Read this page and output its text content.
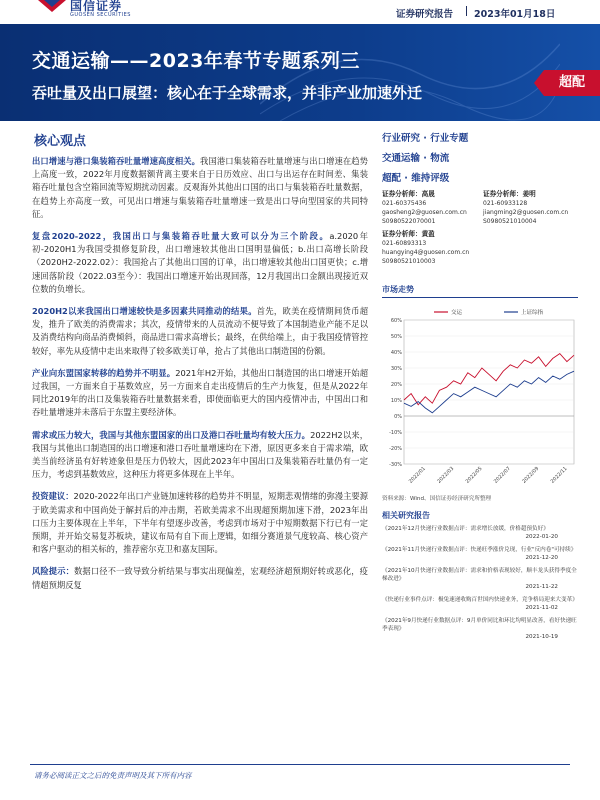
国信证券
GUOSEN SECURITIES	证券研究报告 2023年01月18日
交通运输——2023年春节专题系列三
吞吐量及出口展望：核心在于全球需求，并非产业加速外迁
超配
核心观点
出口增速与港口集装箱吞吐量增速高度相关。我国港口集装箱吞吐量增速与出口增速在趋势上高度一致，2022年月度数据额背离主要来自于日历效应、出口与出运存在时间差、集装箱吞吐量包含空箱回流等短期扰动因素。反观海外其他出口国的出口与集装箱吞吐量数据，在趋势上亦高度一致，可见出口增速与集装箱吞吐量增速一致是出口导向型国家的共同特征。
复盘2020-2022，我国出口与集装箱吞吐量大致可以分为三个阶段。a.2020年初-2020H1为我国受损修复阶段，出口增速较其他出口国明显偏低；b.出口高增长阶段（2020H2-2022.02）：我国抢占了其他出口国的订单，出口增速较其他出口国更快；c.增速回落阶段（2022.03至今）：我国出口增速开始出现回落，12月我国出口金额出现接近双位数的负增长。
2020H2以来我国出口增速较快是多因素共同推动的结果。首先，欧美在疫情期间货币超发，推升了欧美的消费需求；其次，疫情带来的人员流动不便导致了本国制造业产能不足以及消费结构向商品消费倾斜，商品进口需求高增长；最终，在供给端上，由于我国疫情管控较好，率先从疫情中走出来取得了较多欧美订单，抢占了其他出口制造国的份额。
产业向东盟国家转移的趋势并不明显。2021年H2开始，其他出口制造国的出口增速开始超过我国，一方面来自于基数效应，另一方面来自走出疫情后的生产力恢复，但是从2022年同比2019年的出口及集装箱吞吐量数据来看，即使面临更大的国内疫情冲击，中国出口和吞吐量增速并未落后于东盟主要经济体。
需求或压力较大，我国与其他东盟国家的出口及港口吞吐量均有较大压力。2022H2以来，我国与其他出口制造国的出口增速和港口吞吐量增速均在下滑，原因更多来自于需求端，欧美当前经济虽有好转迹象但是压力仍较大，因此2023年中国出口及集装箱吞吐量仍有一定压力，考虑到基数效应，这种压力将更多体现在上半年。
投资建议：2020-2022年出口产业链加速转移的趋势并不明显，短期悲观情绪的弥漫主要源于欧美需求和中国尚处于解封后的冲击期，若欧美需求不出现超预期加速下滑，2023年出口压力主要体现在上半年，下半年有望逐步改善，考虑到市场对于中短期数据下行已有一定预期，并开始交易复苏板块，建议布局有自下而上逻辑，如细分赛道景气度较高、核心资产和客户驱动的相关标的，推荐密尔克卫和嘉友国际。
风险提示：数据口径不一致导致分析结果与事实出现偏差，宏观经济超预期好转或恶化，疫情超预期反复
行业研究 · 行业专题
交通运输 · 物流
超配 · 维持评级
证券分析师：高晟
021-60375436
gaosheng2@guosen.com.cn
S0980522070001
证券分析师：姜明
021-60933128
jiangming2@guosen.com.cn
S0980521010004
证券分析师：黄盈
021-60893313
huangying4@guosen.com.cn
S0980521010003
市场走势
60%
50%
40%
30%
20%
10%
0%
-10%
-20%
-30%
2022/01 2022/03 2022/05 2022/07 2022/09 2022/11
交运	上证综指
资料来源：Wind、国信证券经济研究所整理
相关研究报告
《2021年12月快递行业数据点评：需求增长放缓，价格超预负好》
2022-01-20
《2021年11月快递行业数据点评：快递旺季涨价兑现，行业"反内卷"可持续》
2021-12-20
《2021年10月快递行业数据点评：需求和价格表现较好，顺丰龙头获得季度全梯改进》
2021-11-22
《快递行业事件点评：极兔速递收购百世国内快递业务，竞争格局迎来大变革》
2021-11-02
《2021年9月快递行业数据点评：9月单价同比和环比均明显改善，看好快递旺季表现》
2021-10-19
请务必阅读正文之后的免责声明及其下所有内容
